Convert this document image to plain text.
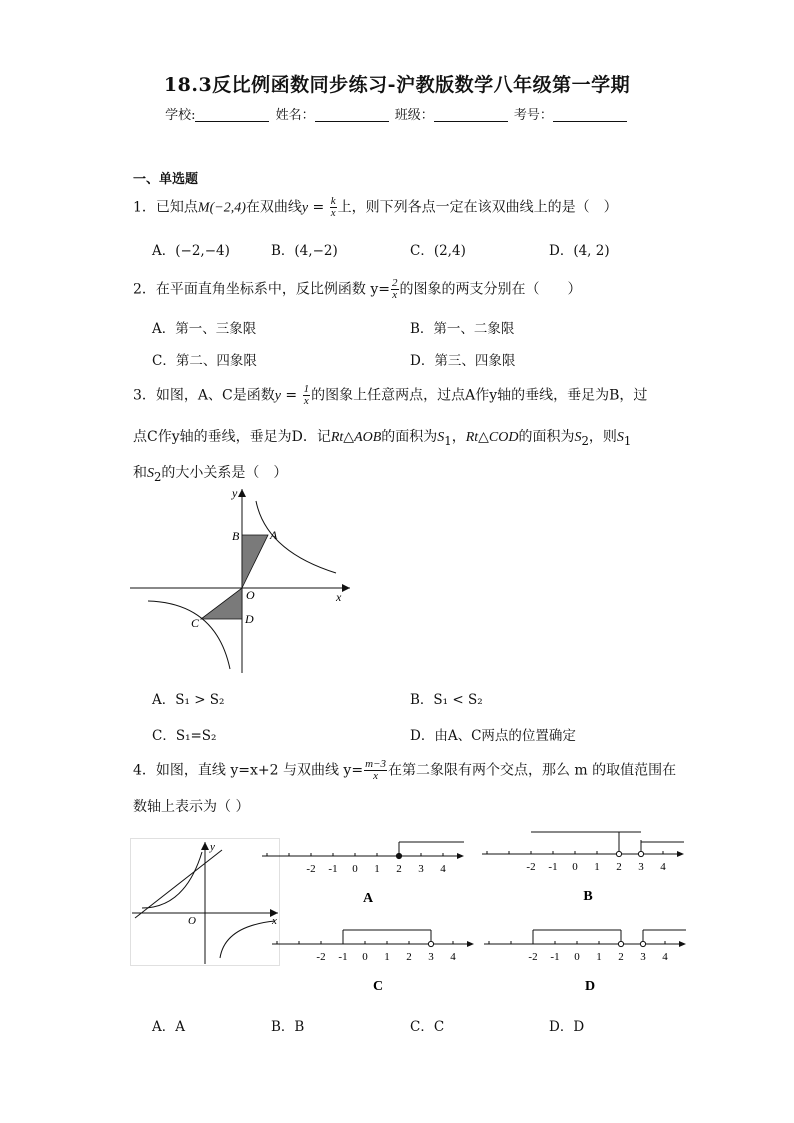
18.3反比例函数同步练习-沪教版数学八年级第一学期
学校:	姓名：	班级：	考号：
一、单选题
1．已知点M(−2,4)在双曲线$y = \frac{k}{x}$ 上，则下列各点一定在该双曲线上的是（　）
A．(−2,−4)	B．(4,−2)	C．(2,4)	D．(4, 2)
2．在平面直角坐标系中，反比例函数 $y= \frac{2}{x}$ 的图象的两支分别在（　　）
A．第一、三象限	B．第一、二象限
C．第二、四象限	D．第三、四象限
3．如图，A、C是函数$y = \frac{1}{x}$ 的图象上任意两点，过点A作y轴的垂线，垂足为B，过
点C作y轴的垂线，垂足为D．记Rt△AOB的面积为$S_1$，Rt△COD的面积为$S_2$，则$S_1$
和$S_2$的大小关系是（　）
y
x
O
A
B
C	D
A．S₁ > S₂	B．S₁ < S₂
C．S₁=S₂	D．由A、C两点的位置确定
4．如图，直线 y=x+2 与双曲线 $y= \frac{m-3}{x}$ 在第二象限有两个交点，那么 m 的取值范围在
数轴上表示为（ ）
y
x
O
-2 -1 0 1 2 3 4
A
-2 -1 0 1 2 3 4
B
-2 -1 0 1 2 3 4
C
-2 -1 0 1 2 3 4
D
A．A	B．B	C．C	D．D
